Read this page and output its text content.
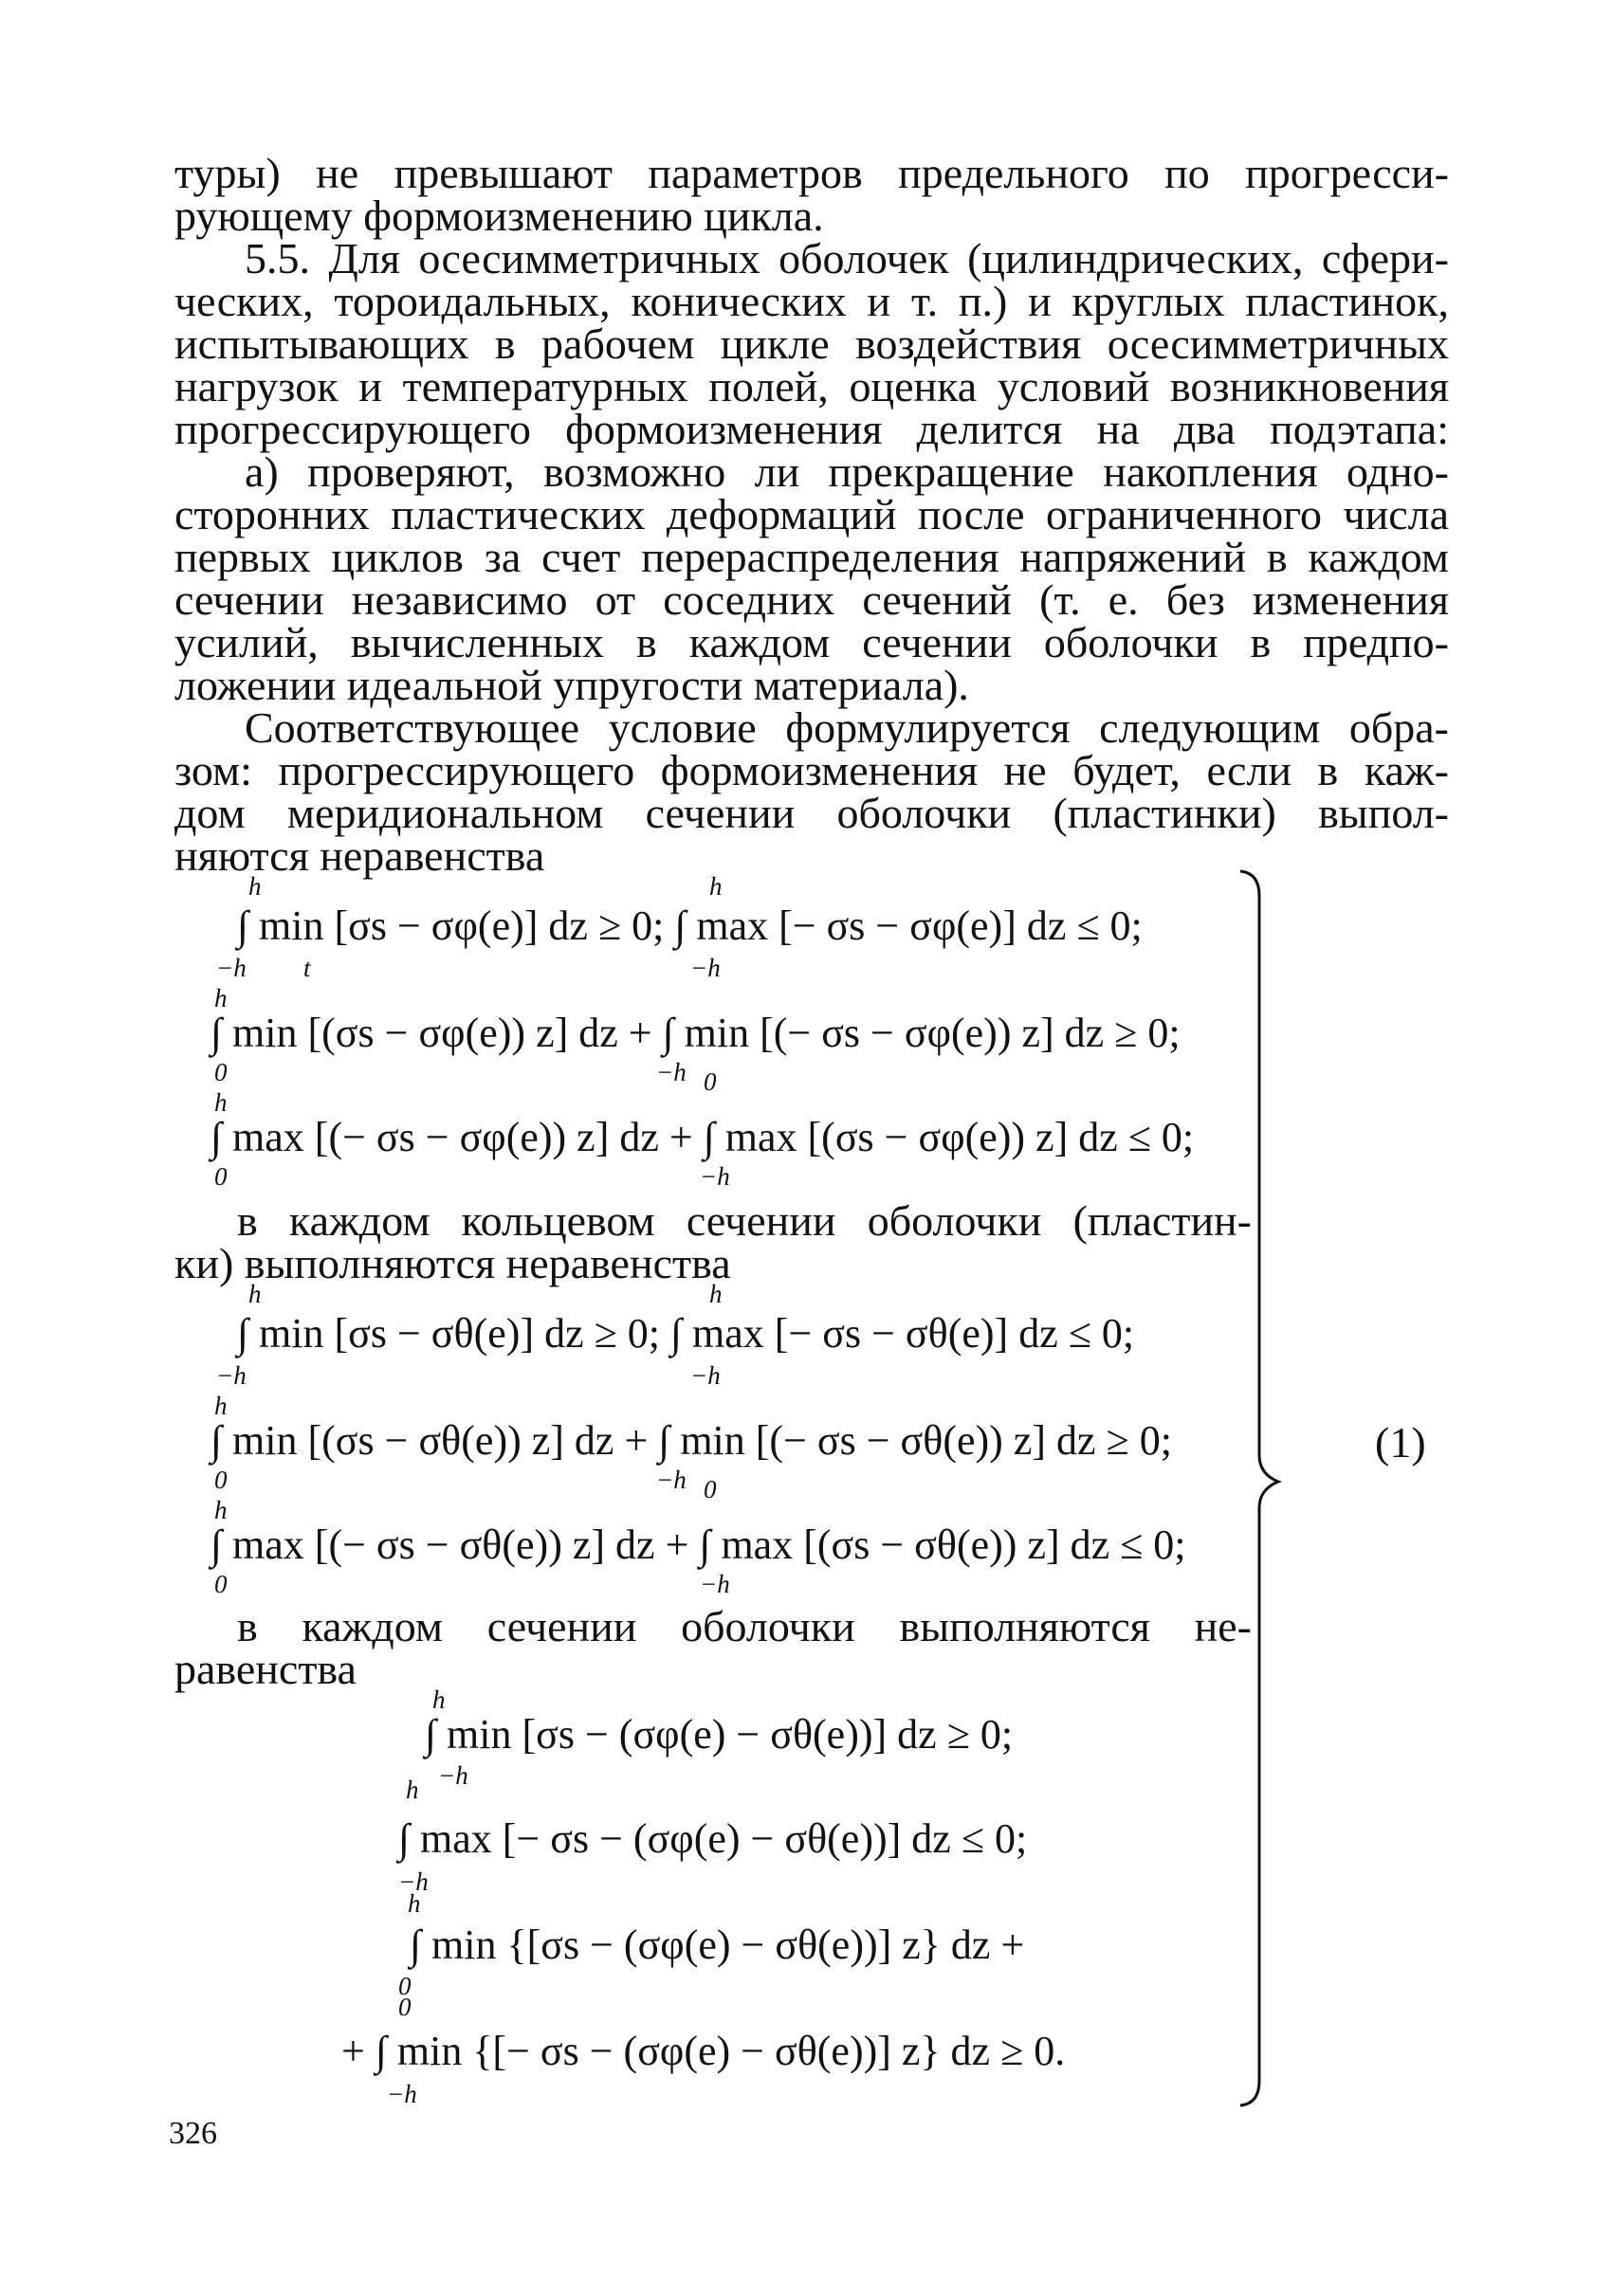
туры) не превышают параметров предельного по прогресси-
рующему формоизменению цикла.
5.5. Для осесимметричных оболочек (цилиндрических, сфери-
ческих, тороидальных, конических и т. п.) и круглых пластинок,
испытывающих в рабочем цикле воздействия осесимметричных
нагрузок и температурных полей, оценка условий возникновения
прогрессирующего формоизменения делится на два подэтапа:
а) проверяют, возможно ли прекращение накопления одно-
сторонних пластических деформаций после ограниченного числа
первых циклов за счет перераспределения напряжений в каждом
сечении независимо от соседних сечений (т. е. без изменения
усилий, вычисленных в каждом сечении оболочки в предпо-
ложении идеальной упругости материала).
Соответствующее условие формулируется следующим обра-
зом: прогрессирующего формоизменения не будет, если в каж-
дом меридиональном сечении оболочки (пластинки) выпол-
няются неравенства
h	h
∫ min [σs − σφ(e)] dz ≥ 0; ∫ max [− σs − σφ(e)] dz ≤ 0;
−h t	−h
h
∫ min [(σs − σφ(e)) z] dz + ∫ min [(− σs − σφ(e)) z] dz ≥ 0;
0	−h 0
h
∫ max [(− σs − σφ(e)) z] dz + ∫ max [(σs − σφ(e)) z] dz ≤ 0;
0	−h
в каждом кольцевом сечении оболочки (пластин-
ки) выполняются неравенства
h	h
∫ min [σs − σθ(e)] dz ≥ 0; ∫ max [− σs − σθ(e)] dz ≤ 0;
−h	−h
h
∫ min [(σs − σθ(e)) z] dz + ∫ min [(− σs − σθ(e)) z] dz ≥ 0;
0	−h 0
h
∫ max [(− σs − σθ(e)) z] dz + ∫ max [(σs − σθ(e)) z] dz ≤ 0;
0	−h
в каждом сечении оболочки выполняются не-
равенства
h
∫ min [σs − (σφ(e) − σθ(e))] dz ≥ 0;
−h
h
∫ max [− σs − (σφ(e) − σθ(e))] dz ≤ 0;
−h
h
∫ min {[σs − (σφ(e) − σθ(e))] z} dz +
0
0
+ ∫ min {[− σs − (σφ(e) − σθ(e))] z} dz ≥ 0.
−h
(1)
326
